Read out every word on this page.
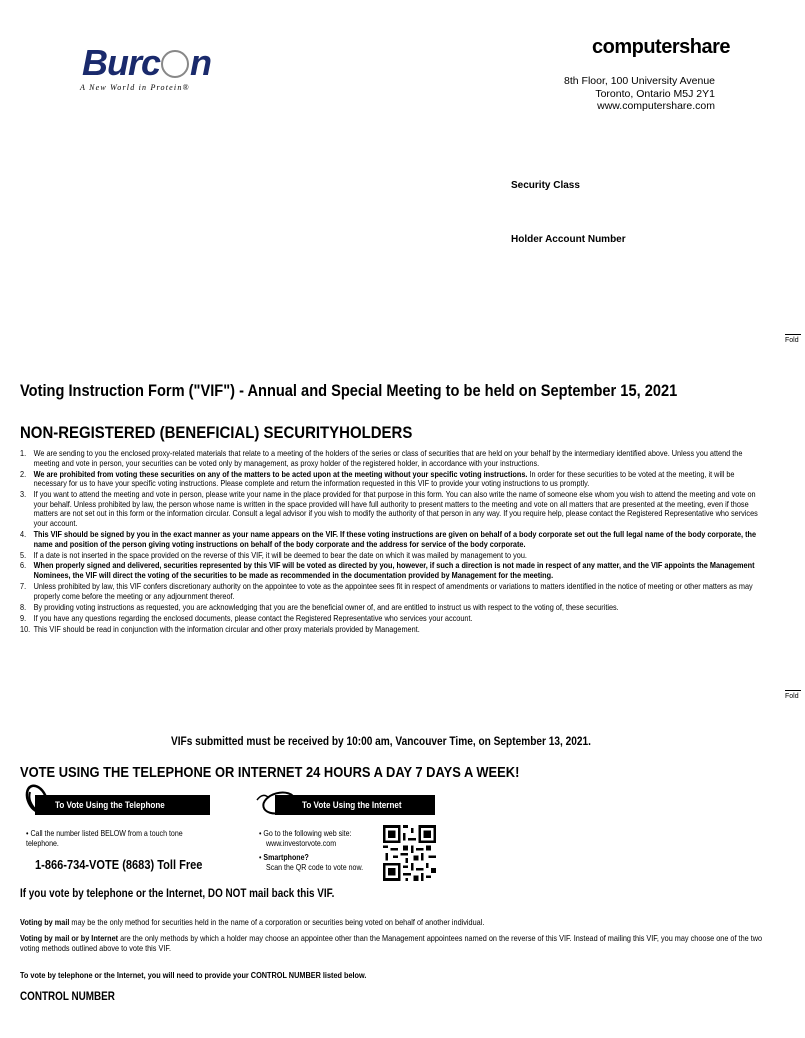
Burc n
A New World in Protein®
computershare
8th Floor, 100 University Avenue
Toronto, Ontario M5J 2Y1
www.computershare.com
Security Class
Holder Account Number
Fold
Fold
Voting Instruction Form ("VIF") - Annual and Special Meeting to be held on September 15, 2021
NON-REGISTERED (BENEFICIAL) SECURITYHOLDERS
1. We are sending to you the enclosed proxy-related materials that relate to a meeting of the holders of the series or class of securities that are held on your behalf by the intermediary identified above. Unless you attend the meeting and vote in person, your securities can be voted only by management, as proxy holder of the registered holder, in accordance with your instructions.
2. We are prohibited from voting these securities on any of the matters to be acted upon at the meeting without your specific voting instructions. In order for these securities to be voted at the meeting, it will be necessary for us to have your specific voting instructions. Please complete and return the information requested in this VIF to provide your voting instructions to us promptly.
3. If you want to attend the meeting and vote in person, please write your name in the place provided for that purpose in this form. You can also write the name of someone else whom you wish to attend the meeting and vote on your behalf. Unless prohibited by law, the person whose name is written in the space provided will have full authority to present matters to the meeting and vote on all matters that are presented at the meeting, even if those matters are not set out in this form or the information circular. Consult a legal advisor if you wish to modify the authority of that person in any way. If you require help, please contact the Registered Representative who services your account.
4. This VIF should be signed by you in the exact manner as your name appears on the VIF. If these voting instructions are given on behalf of a body corporate set out the full legal name of the body corporate, the name and position of the person giving voting instructions on behalf of the body corporate and the address for service of the body corporate.
5. If a date is not inserted in the space provided on the reverse of this VIF, it will be deemed to bear the date on which it was mailed by management to you.
6. When properly signed and delivered, securities represented by this VIF will be voted as directed by you, however, if such a direction is not made in respect of any matter, and the VIF appoints the Management Nominees, the VIF will direct the voting of the securities to be made as recommended in the documentation provided by Management for the meeting.
7. Unless prohibited by law, this VIF confers discretionary authority on the appointee to vote as the appointee sees fit in respect of amendments or variations to matters identified in the notice of meeting or other matters as may properly come before the meeting or any adjournment thereof.
8. By providing voting instructions as requested, you are acknowledging that you are the beneficial owner of, and are entitled to instruct us with respect to the voting of, these securities.
9. If you have any questions regarding the enclosed documents, please contact the Registered Representative who services your account.
10. This VIF should be read in conjunction with the information circular and other proxy materials provided by Management.
VIFs submitted must be received by 10:00 am, Vancouver Time, on September 13, 2021.
VOTE USING THE TELEPHONE OR INTERNET 24 HOURS A DAY 7 DAYS A WEEK!
To Vote Using the Telephone
• Call the number listed BELOW from a touch tone telephone.
1-866-734-VOTE (8683) Toll Free
To Vote Using the Internet
• Go to the following web site:
www.investorvote.com
• Smartphone?
Scan the QR code to vote now.
If you vote by telephone or the Internet, DO NOT mail back this VIF.
Voting by mail may be the only method for securities held in the name of a corporation or securities being voted on behalf of another individual.
Voting by mail or by Internet are the only methods by which a holder may choose an appointee other than the Management appointees named on the reverse of this VIF. Instead of mailing this VIF, you may choose one of the two voting methods outlined above to vote this VIF.
To vote by telephone or the Internet, you will need to provide your CONTROL NUMBER listed below.
CONTROL NUMBER
